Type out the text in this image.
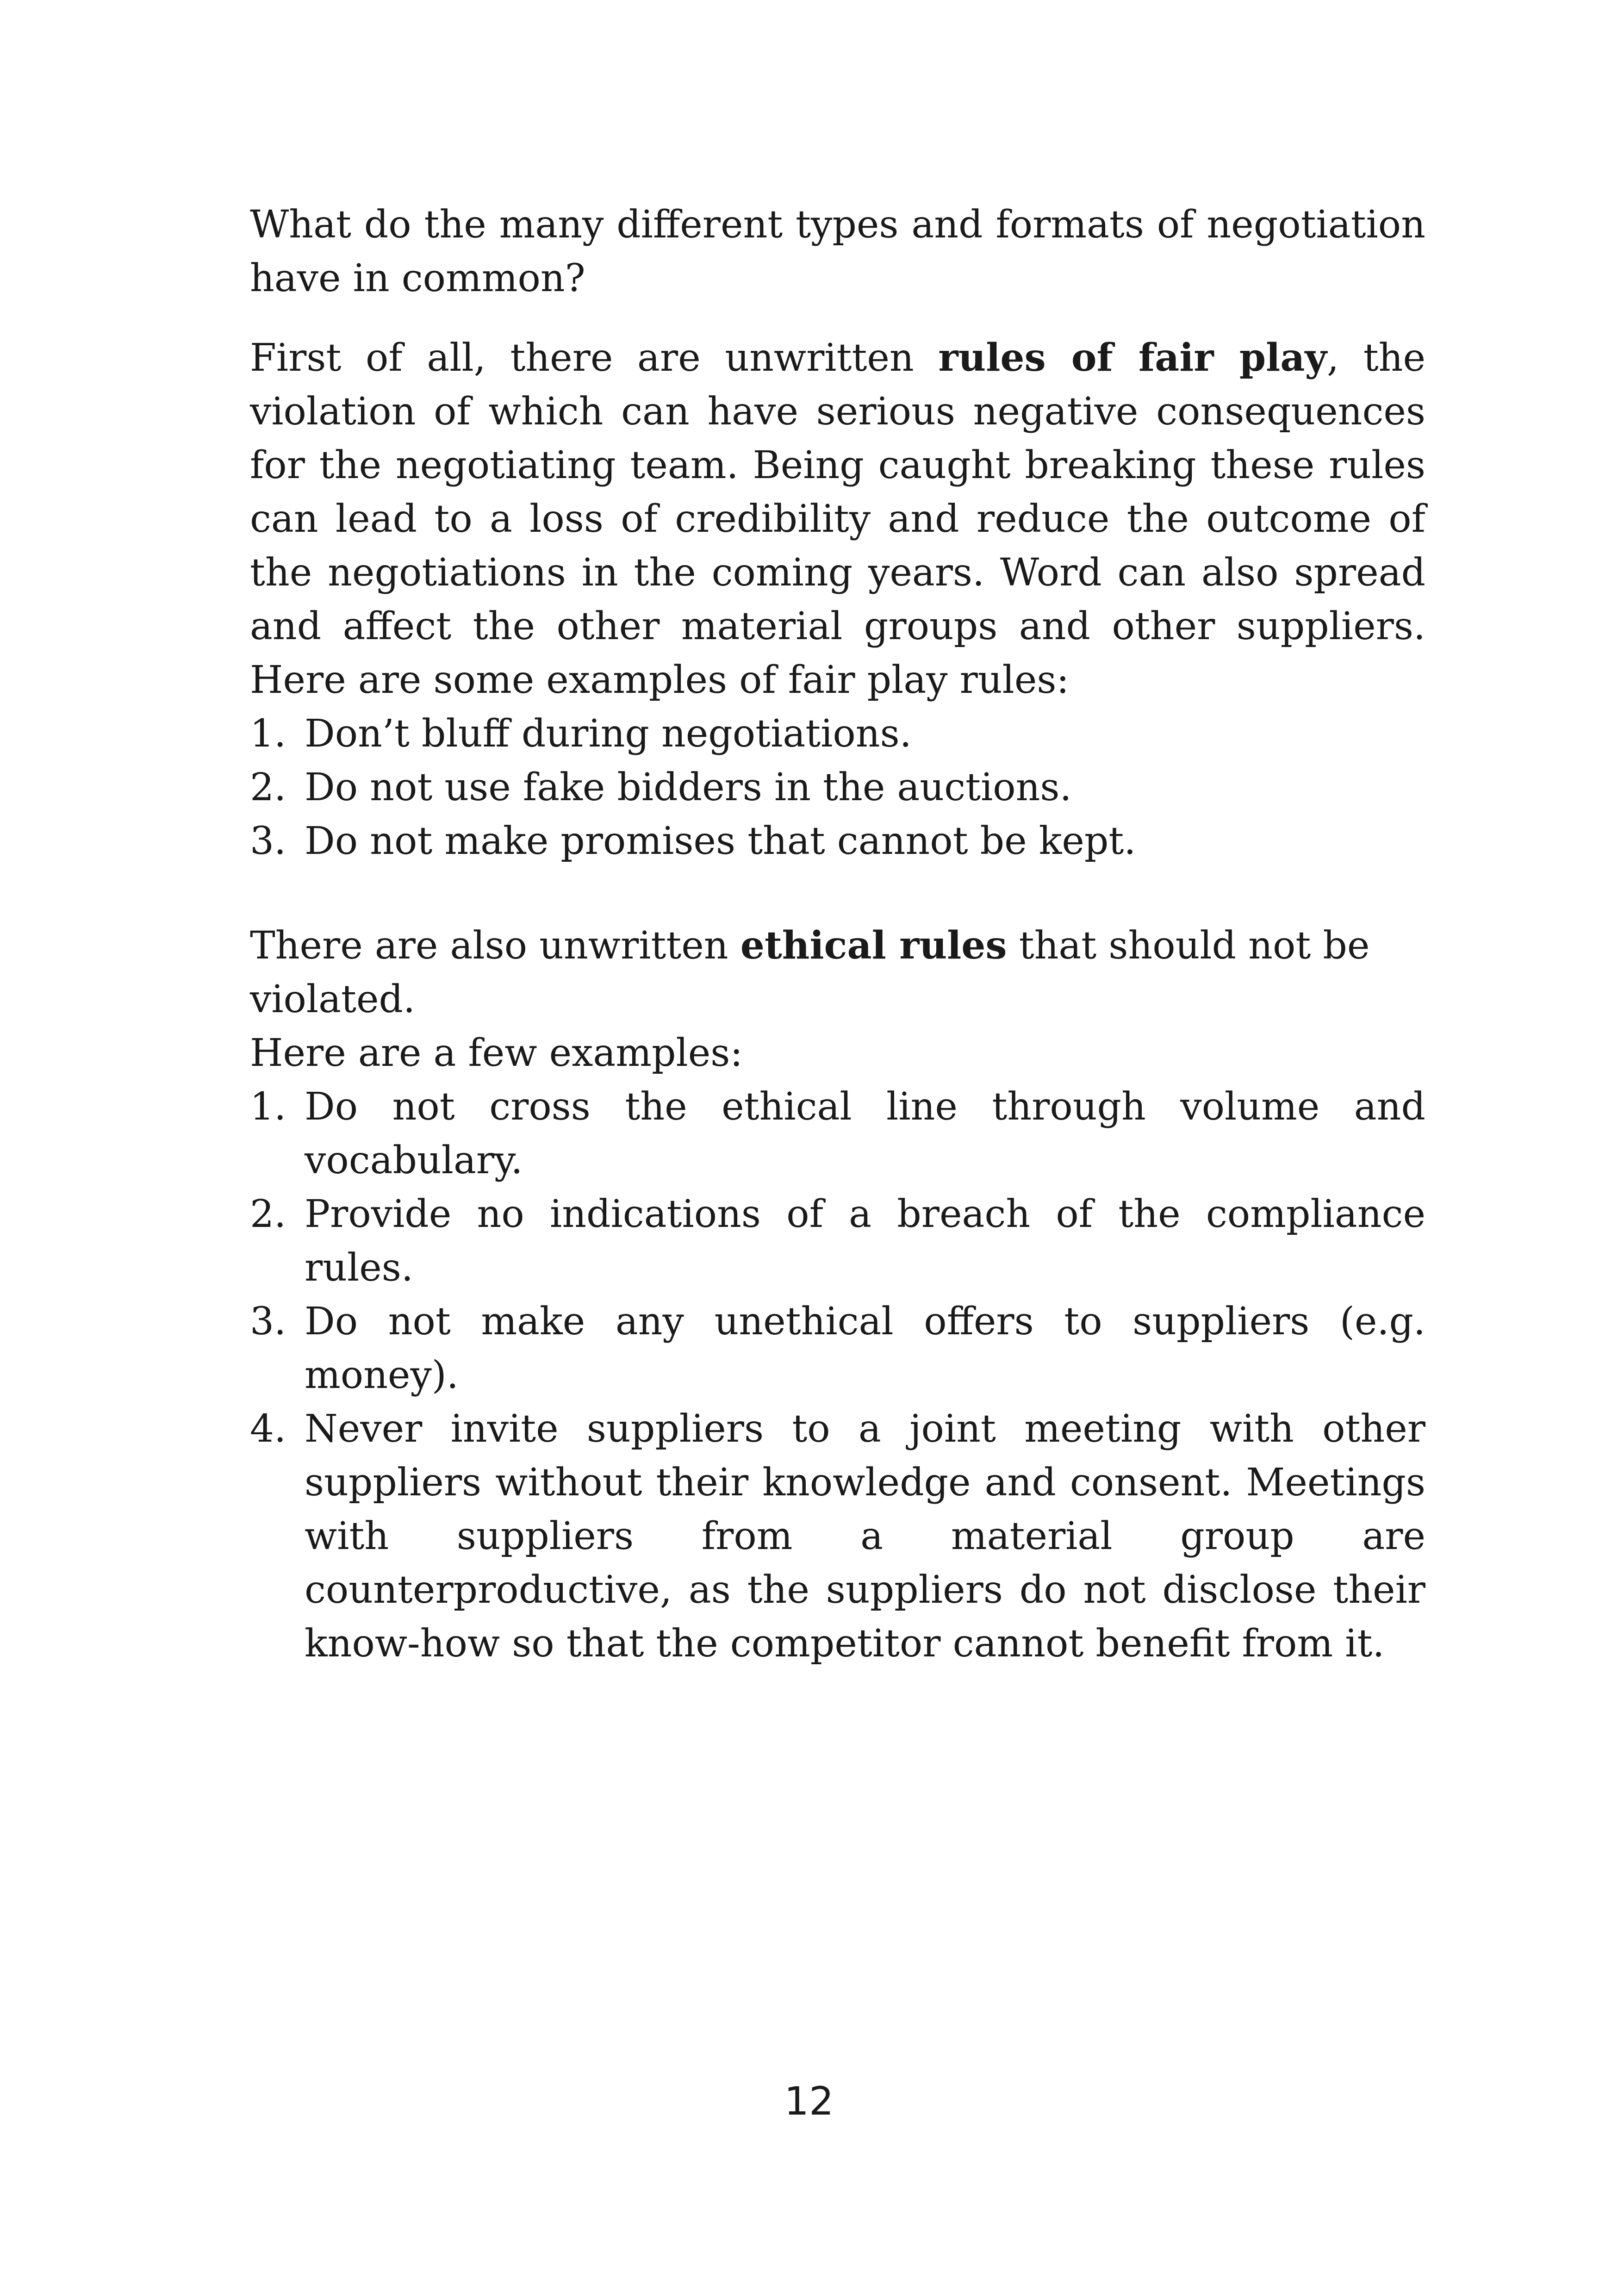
What do the many different types and formats of negotiation have in common?

First of all, there are unwritten rules of fair play, the violation of which can have serious negative consequences for the negotiating team. Being caught breaking these rules can lead to a loss of credibility and reduce the outcome of the negotiations in the coming years. Word can also spread and affect the other material groups and other suppliers. Here are some examples of fair play rules:

1. Don’t bluff during negotiations.
2. Do not use fake bidders in the auctions.
3. Do not make promises that cannot be kept.

There are also unwritten ethical rules that should not be violated.
Here are a few examples:

1. Do not cross the ethical line through volume and vocabulary.
2. Provide no indications of a breach of the compliance rules.
3. Do not make any unethical offers to suppliers (e.g. money).
4. Never invite suppliers to a joint meeting with other suppliers without their knowledge and consent. Meetings with suppliers from a material group are counterproductive, as the suppliers do not disclose their know-how so that the competitor cannot benefit from it.
12
